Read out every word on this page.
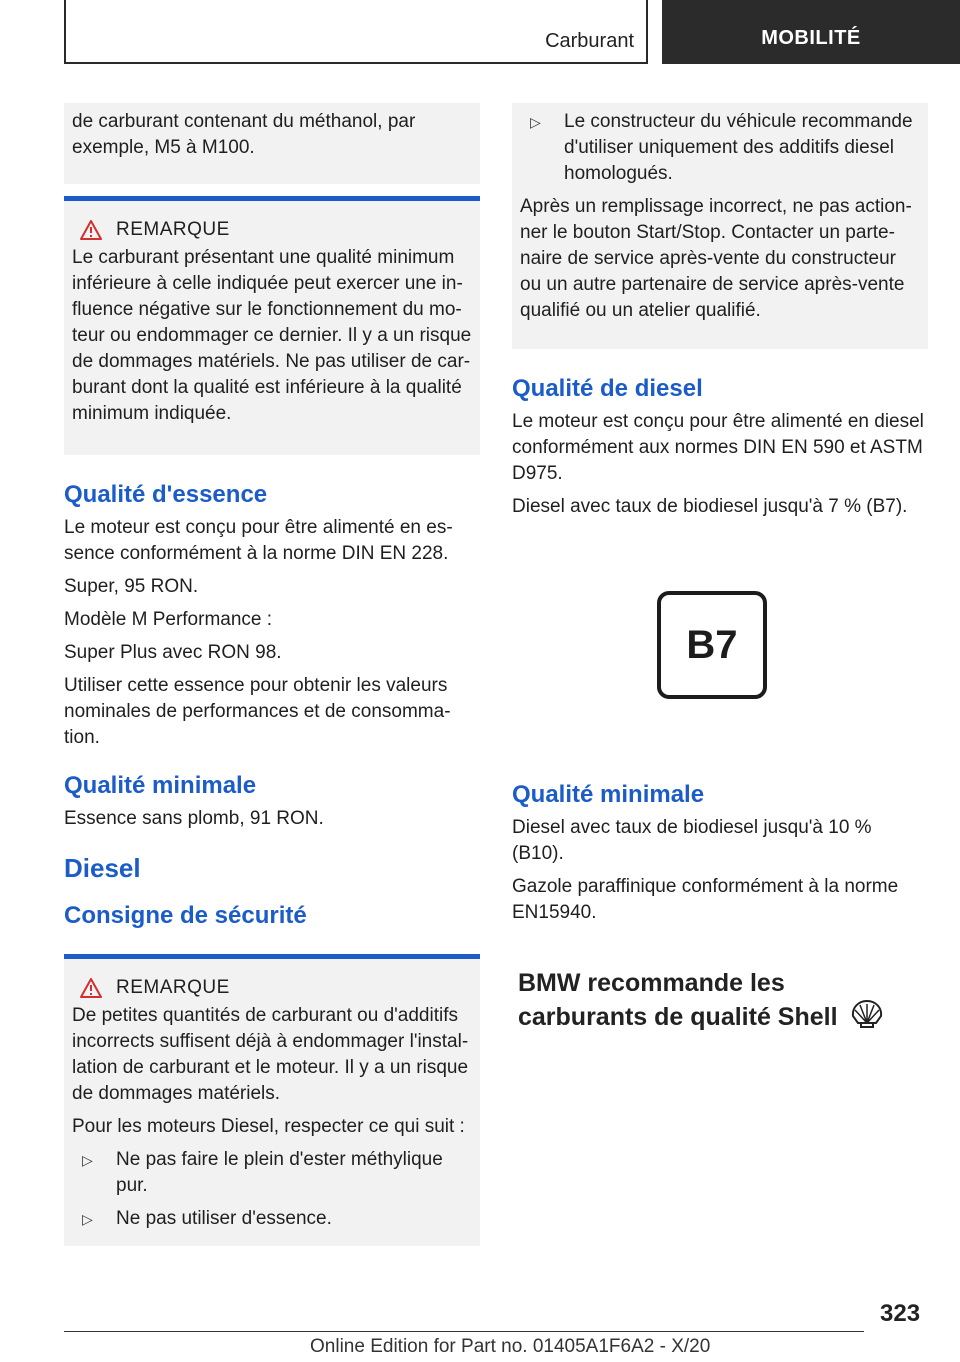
Carburant	MOBILITÉ

de carburant contenant du méthanol, par exemple, M5 à M100.

REMARQUE

Le carburant présentant une qualité minimum inférieure à celle indiquée peut exercer une influence négative sur le fonctionnement du moteur ou endommager ce dernier. Il y a un risque de dommages matériels. Ne pas utiliser de carburant dont la qualité est inférieure à la qualité minimum indiquée.

Qualité d'essence

Le moteur est conçu pour être alimenté en essence conformément à la norme DIN EN 228.

Super, 95 RON.

Modèle M Performance :

Super Plus avec RON 98.

Utiliser cette essence pour obtenir les valeurs nominales de performances et de consommation.

Qualité minimale

Essence sans plomb, 91 RON.

Diesel
Consigne de sécurité
REMARQUE

De petites quantités de carburant ou d'additifs incorrects suffisent déjà à endommager l'installation de carburant et le moteur. Il y a un risque de dommages matériels.

Pour les moteurs Diesel, respecter ce qui suit :

▷	Ne pas faire le plein d'ester méthylique pur.
▷	Ne pas utiliser d'essence.
▷	Le constructeur du véhicule recommande d'utiliser uniquement des additifs diesel homologués.

Après un remplissage incorrect, ne pas actionner le bouton Start/Stop. Contacter un partenaire de service après-vente du constructeur ou un autre partenaire de service après-vente qualifié ou un atelier qualifié.

Qualité de diesel

Le moteur est conçu pour être alimenté en diesel conformément aux normes DIN EN 590 et ASTM D975.

Diesel avec taux de biodiesel jusqu'à 7 % (B7).

B7
Qualité minimale

Diesel avec taux de biodiesel jusqu'à 10 % (B10).

Gazole paraffinique conformément à la norme EN15940.

BMW recommande les carburants de qualité Shell
323
Online Edition for Part no. 01405A1F6A2 - X/20
